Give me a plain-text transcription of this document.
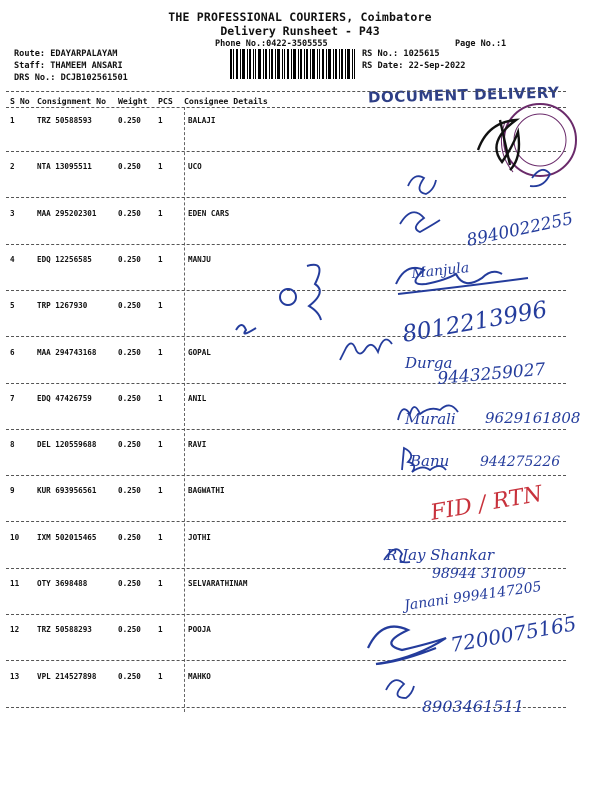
THE PROFESSIONAL COURIERS, Coimbatore
Delivery Runsheet - P43
Phone No.:0422-3505555	Page No.:1
Route: EDAYARPALAYAM
Staff: THAMEEM ANSARI
DRS No.: DCJB102561501
RS No.: 1025615
RS Date: 22-Sep-2022
DOCUMENT DELIVERY
S No Consignment No Weight PCS Consignee Details
1	TRZ 50588593	0.250 1	BALAJI
2	NTA 13095511	0.250 1	UCO
3	MAA 295202301	0.250 1	EDEN CARS
4	EDQ 12256585	0.250 1	MANJU
5	TRP 1267930	0.250 1
6	MAA 294743168	0.250 1	GOPAL
7	EDQ 47426759	0.250 1	ANIL
8	DEL 120559688	0.250 1	RAVI
9	KUR 693956561	0.250 1	BAGWATHI
10 IXM 502015465	0.250 1	JOTHI
11 OTY 3698488	0.250 1	SELVARATHINAM
12 TRZ 50588293	0.250 1	POOJA
13 VPL 214527898	0.250 1	MAHKO
8940022255
8012213996
9443259027
9629161808
944275226
FID / RTN
98944 31009
Janani 9994147205
7200075165
8903461511
Manjula
Durga
Murali
Banu
R Jay Shankar
